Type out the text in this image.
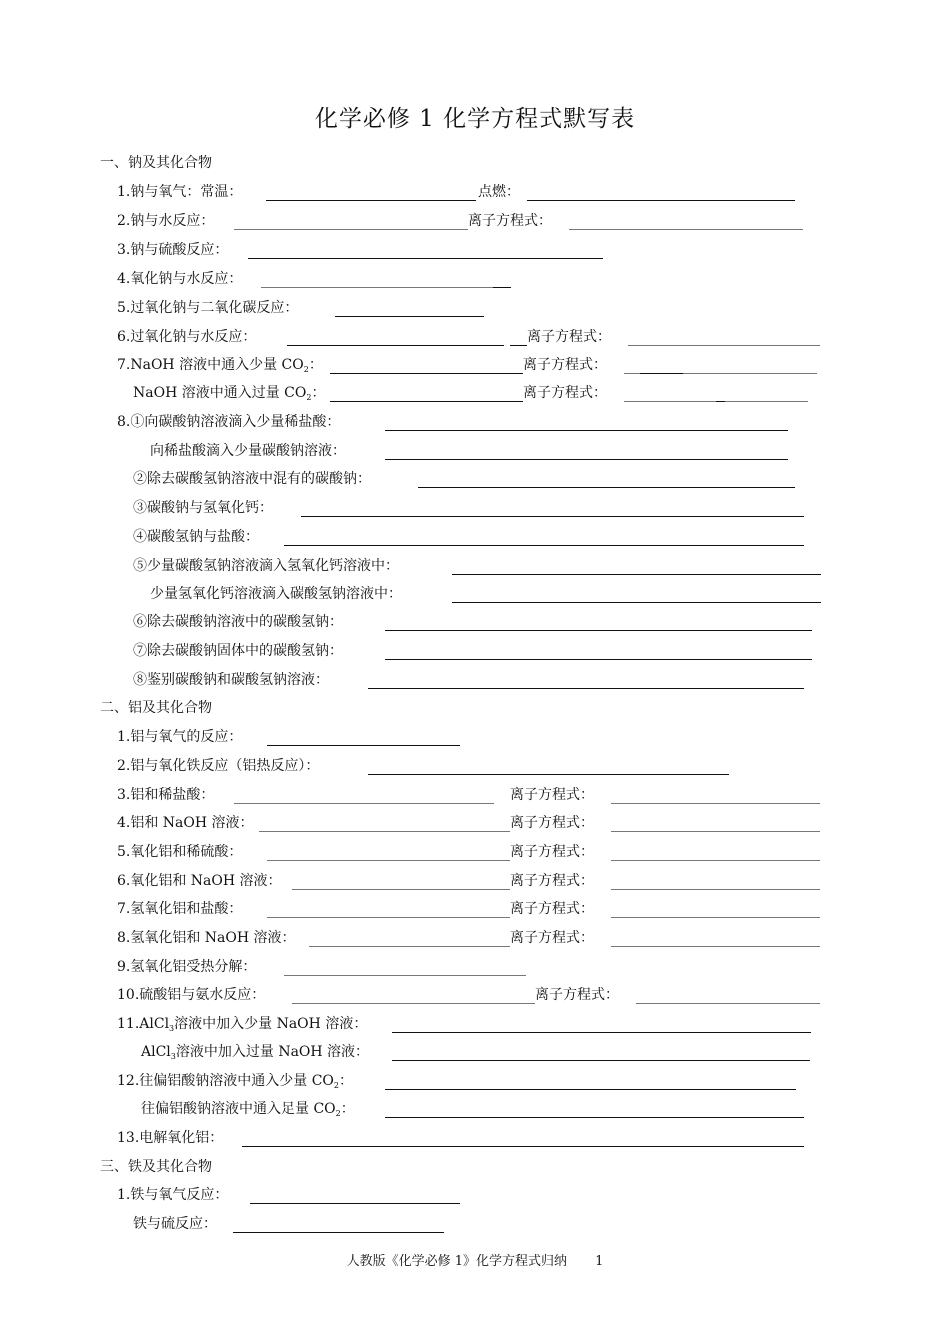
化学必修 1 化学方程式默写表
一、钠及其化合物
1.钠与氧气：常温：	点燃：
2.钠与水反应：	离子方程式：
3.钠与硫酸反应：
4.氧化钠与水反应：
5.过氧化钠与二氧化碳反应：
6.过氧化钠与水反应：	离子方程式：
7.NaOH 溶液中通入少量 $CO_2$：	离子方程式：
NaOH 溶液中通入过量 $CO_2$：	离子方程式：
8.①向碳酸钠溶液滴入少量稀盐酸：
向稀盐酸滴入少量碳酸钠溶液：
②除去碳酸氢钠溶液中混有的碳酸钠：
③碳酸钠与氢氧化钙：
④碳酸氢钠与盐酸：
⑤少量碳酸氢钠溶液滴入氢氧化钙溶液中：
少量氢氧化钙溶液滴入碳酸氢钠溶液中：
⑥除去碳酸钠溶液中的碳酸氢钠：
⑦除去碳酸钠固体中的碳酸氢钠：
⑧鉴别碳酸钠和碳酸氢钠溶液：
二、铝及其化合物
1.铝与氧气的反应：
2.铝与氧化铁反应（铝热反应）：
3.铝和稀盐酸：	离子方程式：
4.铝和 NaOH 溶液：	离子方程式：
5.氧化铝和稀硫酸：	离子方程式：
6.氧化铝和 NaOH 溶液：	离子方程式：
7.氢氧化铝和盐酸：	离子方程式：
8.氢氧化铝和 NaOH 溶液：	离子方程式：
9.氢氧化铝受热分解：
10.硫酸铝与氨水反应：	离子方程式：
11.AlCl$_3$溶液中加入少量 NaOH 溶液：
AlCl$_3$溶液中加入过量 NaOH 溶液：
12.往偏铝酸钠溶液中通入少量 $CO_2$：
往偏铝酸钠溶液中通入足量 $CO_2$：
13.电解氧化铝：
三、铁及其化合物
1.铁与氧气反应：
铁与硫反应：
人教版《化学必修 1》化学方程式归纳 1
